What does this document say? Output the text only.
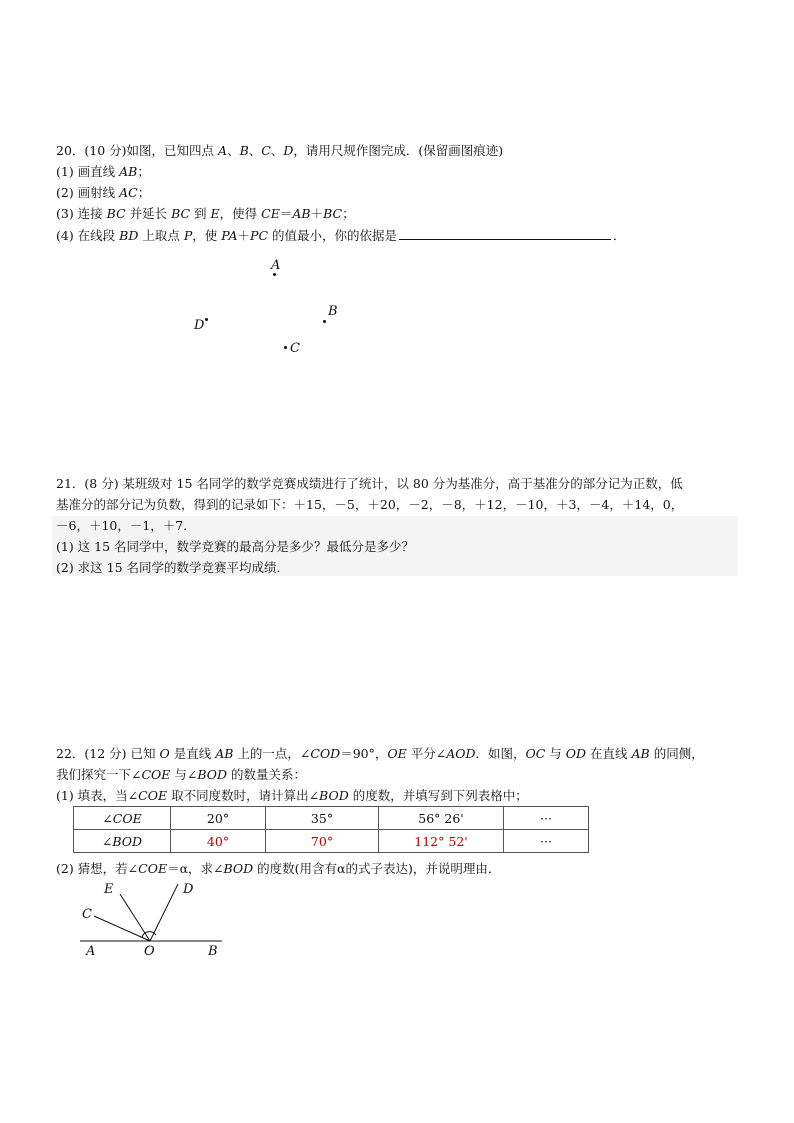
20．(10 分)如图，已知四点 A、B、C、D，请用尺规作图完成．(保留画图痕迹)
(1) 画直线 AB；
(2) 画射线 AC；
(3) 连接 BC 并延长 BC 到 E，使得 CE＝AB＋BC；
(4) 在线段 BD 上取点 P，使 PA＋PC 的值最小，你的依据是	．
A
B
D
C
21．(8 分) 某班级对 15 名同学的数学竞赛成绩进行了统计，以 80 分为基准分，高于基准分的部分记为正数，低
基准分的部分记为负数，得到的记录如下：＋15，－5，＋20，－2，－8，＋12，－10，＋3，－4，＋14，0，
－6，＋10，－1，＋7．
(1) 这 15 名同学中，数学竞赛的最高分是多少？最低分是多少？
(2) 求这 15 名同学的数学竞赛平均成绩．
22．(12 分) 已知 O 是直线 AB 上的一点，∠COD＝90°，OE 平分∠AOD．如图，OC 与 OD 在直线 AB 的同侧，
我们探究一下∠COE 与∠BOD 的数量关系：
(1) 填表，当∠COE 取不同度数时，请计算出∠BOD 的度数，并填写到下列表格中；
∠COE	20°	35°	56° 26'	···
∠BOD	40°	70°	112° 52'	···
(2) 猜想，若∠COE＝α，求∠BOD 的度数(用含有α的式子表达)，并说明理由．
E	D
C
A	O	B
